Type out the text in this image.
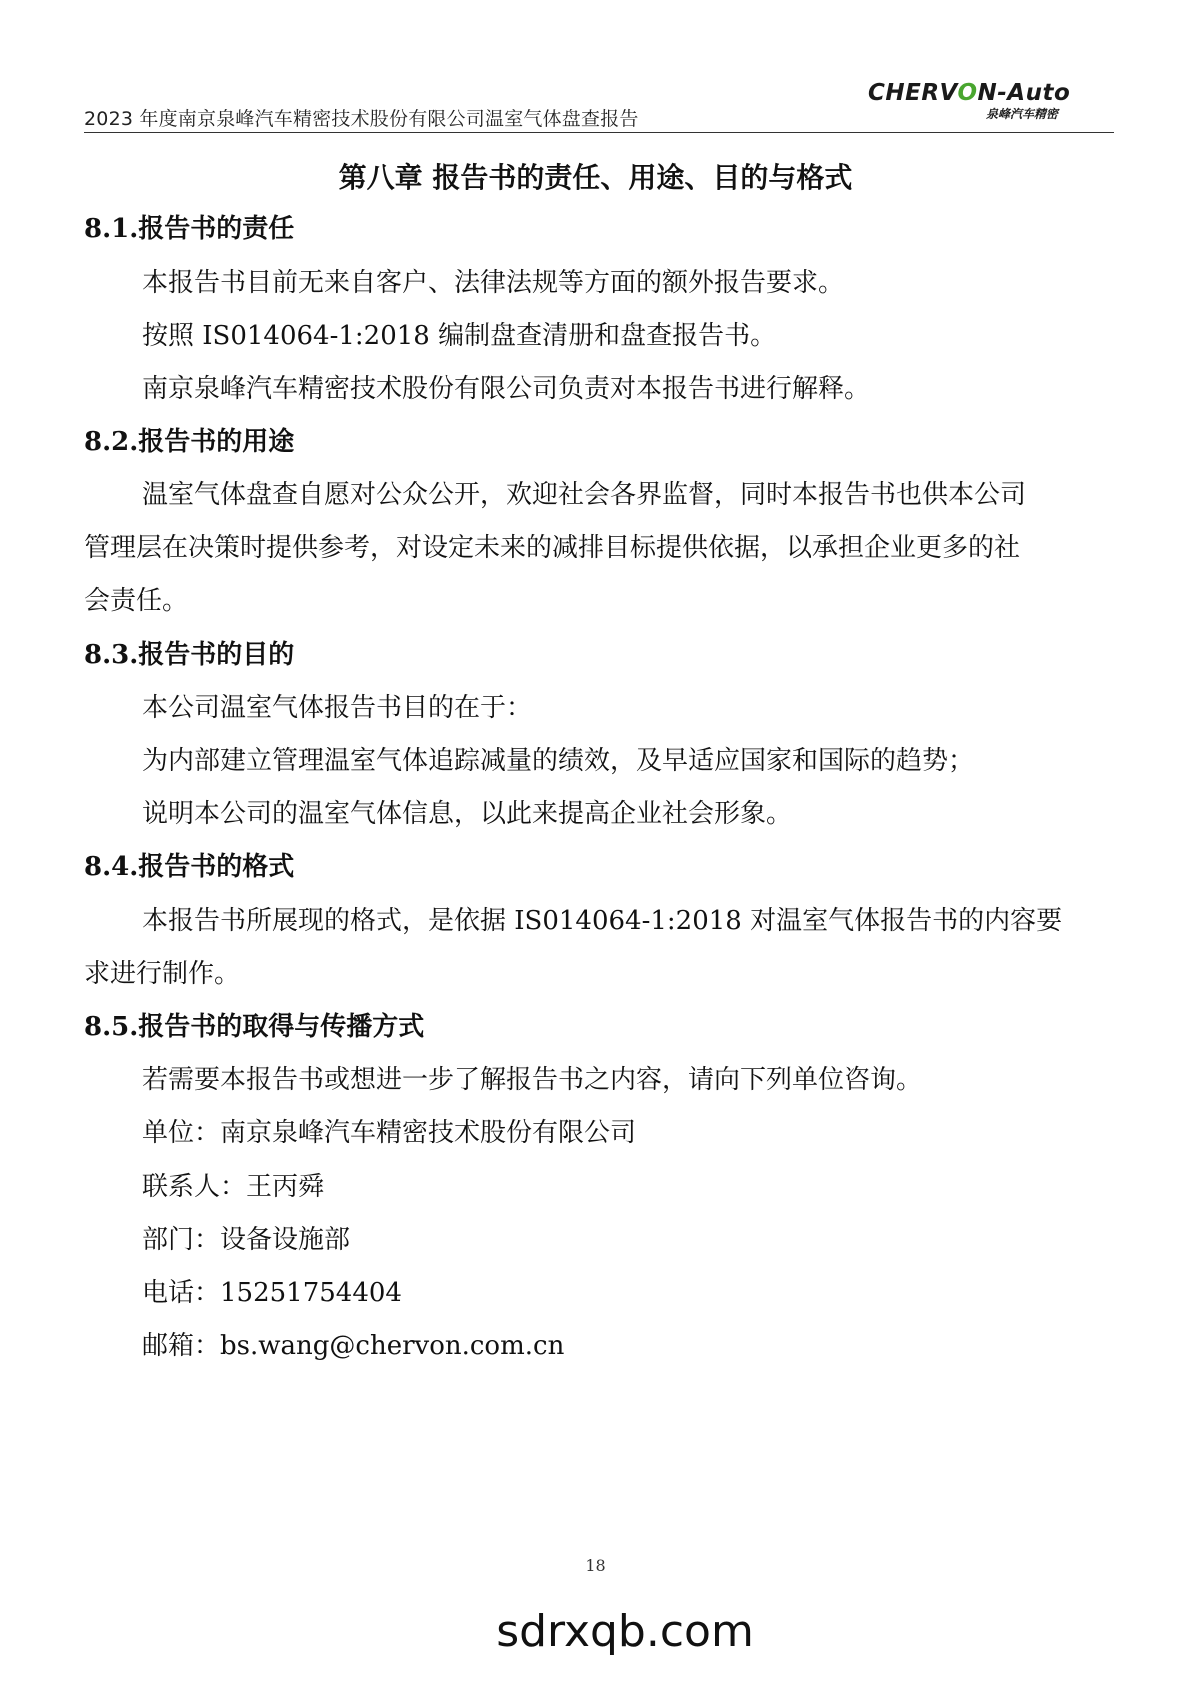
2023 年度南京泉峰汽车精密技术股份有限公司温室气体盘查报告
CHERVON-Auto
泉峰汽车精密
第八章 报告书的责任、用途、目的与格式
8.1.报告书的责任
本报告书目前无来自客户、法律法规等方面的额外报告要求。
按照 IS014064-1:2018 编制盘查清册和盘查报告书。
南京泉峰汽车精密技术股份有限公司负责对本报告书进行解释。
8.2.报告书的用途
温室气体盘查自愿对公众公开，欢迎社会各界监督，同时本报告书也供本公司
管理层在决策时提供参考，对设定未来的减排目标提供依据，以承担企业更多的社
会责任。
8.3.报告书的目的
本公司温室气体报告书目的在于：
为内部建立管理温室气体追踪减量的绩效，及早适应国家和国际的趋势；
说明本公司的温室气体信息，以此来提高企业社会形象。
8.4.报告书的格式
本报告书所展现的格式，是依据 IS014064-1:2018 对温室气体报告书的内容要
求进行制作。
8.5.报告书的取得与传播方式
若需要本报告书或想进一步了解报告书之内容，请向下列单位咨询。
单位：南京泉峰汽车精密技术股份有限公司
联系人：王丙舜
部门：设备设施部
电话：15251754404
邮箱：bs.wang@chervon.com.cn
18
sdrxqb.com
